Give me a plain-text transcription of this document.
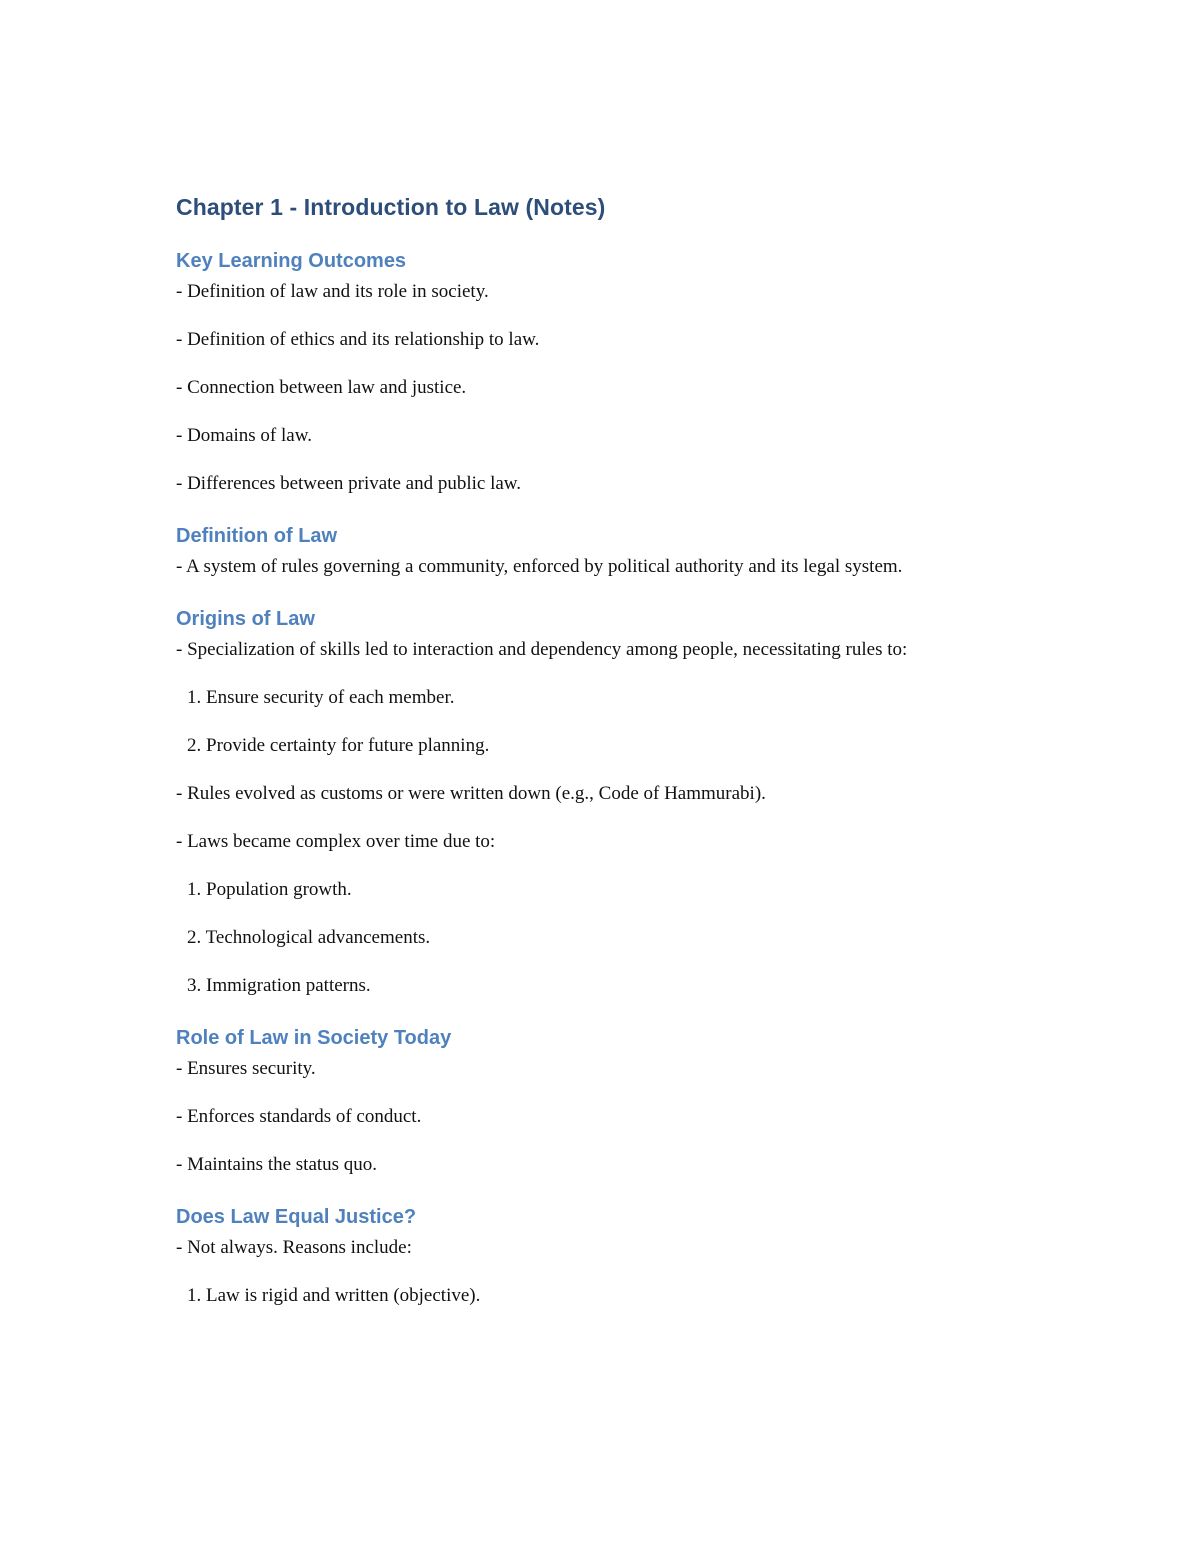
Chapter 1 - Introduction to Law (Notes)
Key Learning Outcomes

- Definition of law and its role in society.

- Definition of ethics and its relationship to law.

- Connection between law and justice.

- Domains of law.

- Differences between private and public law.

Definition of Law

- A system of rules governing a community, enforced by political authority and its legal system.

Origins of Law

- Specialization of skills led to interaction and dependency among people, necessitating rules to:

1. Ensure security of each member.

2. Provide certainty for future planning.

- Rules evolved as customs or were written down (e.g., Code of Hammurabi).

- Laws became complex over time due to:

1. Population growth.

2. Technological advancements.

3. Immigration patterns.

Role of Law in Society Today

- Ensures security.

- Enforces standards of conduct.

- Maintains the status quo.

Does Law Equal Justice?

- Not always. Reasons include:

1. Law is rigid and written (objective).
